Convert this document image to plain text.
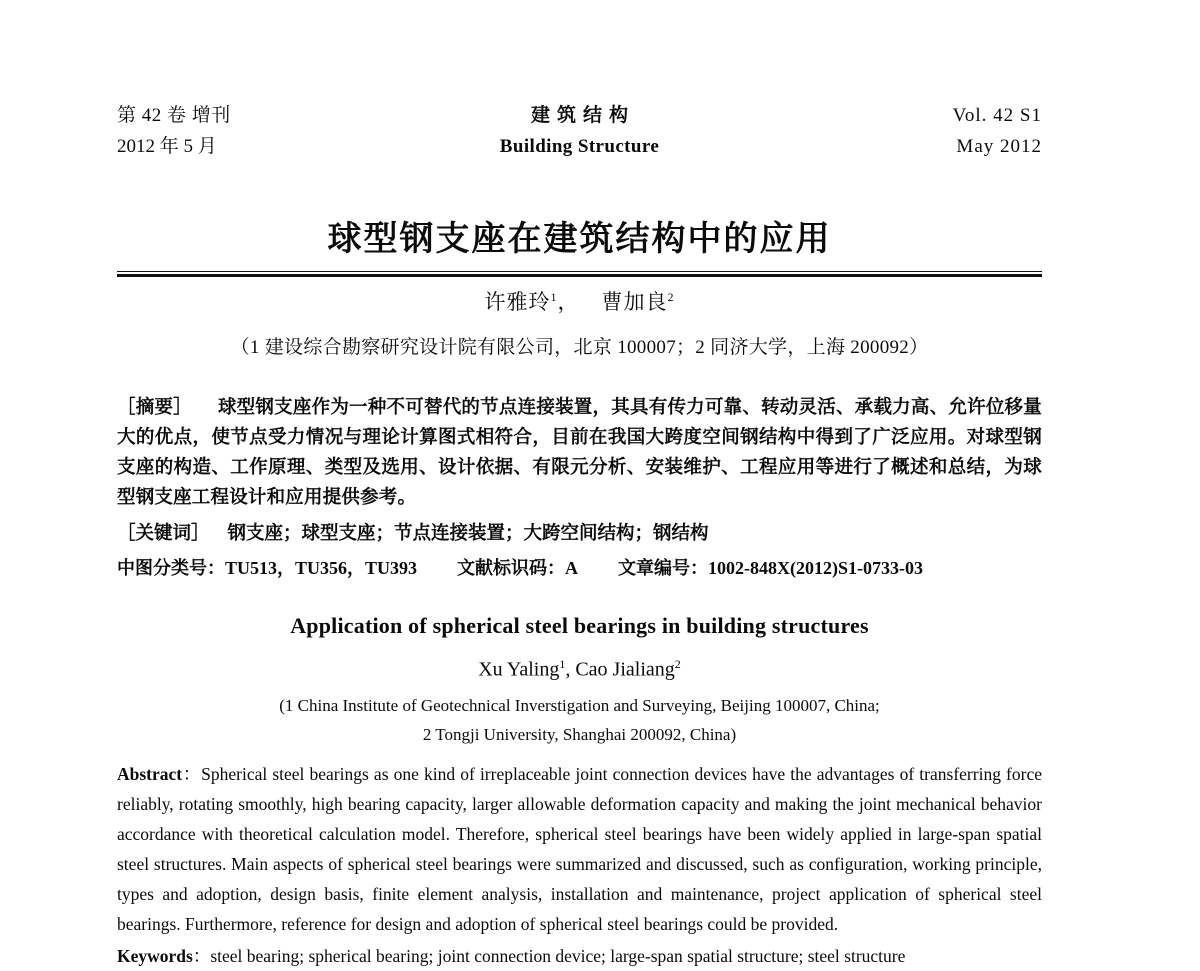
第 42 卷 增刊
2012 年 5 月
建筑结构
Building Structure
Vol. 42 S1
May 2012
球型钢支座在建筑结构中的应用
许雅玲$^1$， 曹加良$^2$
（1 建设综合勘察研究设计院有限公司，北京 100007；2 同济大学，上海 200092）
［摘要］ 球型钢支座作为一种不可替代的节点连接装置，其具有传力可靠、转动灵活、承载力高、允许位移量大的优点，使节点受力情况与理论计算图式相符合，目前在我国大跨度空间钢结构中得到了广泛应用。对球型钢支座的构造、工作原理、类型及选用、设计依据、有限元分析、安装维护、工程应用等进行了概述和总结，为球型钢支座工程设计和应用提供参考。
［关键词］ 钢支座；球型支座；节点连接装置；大跨空间结构；钢结构
中图分类号：TU513，TU356，TU393 文献标识码：A 文章编号：1002-848X(2012)S1-0733-03
Application of spherical steel bearings in building structures
Xu Yaling$^1$, Cao Jialiang$^2$
(1 China Institute of Geotechnical Inverstigation and Surveying, Beijing 100007, China;
2 Tongji University, Shanghai 200092, China)
Abstract：Spherical steel bearings as one kind of irreplaceable joint connection devices have the advantages of transferring force reliably, rotating smoothly, high bearing capacity, larger allowable deformation capacity and making the joint mechanical behavior accordance with theoretical calculation model. Therefore, spherical steel bearings have been widely applied in large-span spatial steel structures. Main aspects of spherical steel bearings were summarized and discussed, such as configuration, working principle, types and adoption, design basis, finite element analysis, installation and maintenance, project application of spherical steel bearings. Furthermore, reference for design and adoption of spherical steel bearings could be provided.
Keywords：steel bearing; spherical bearing; joint connection device; large-span spatial structure; steel structure
